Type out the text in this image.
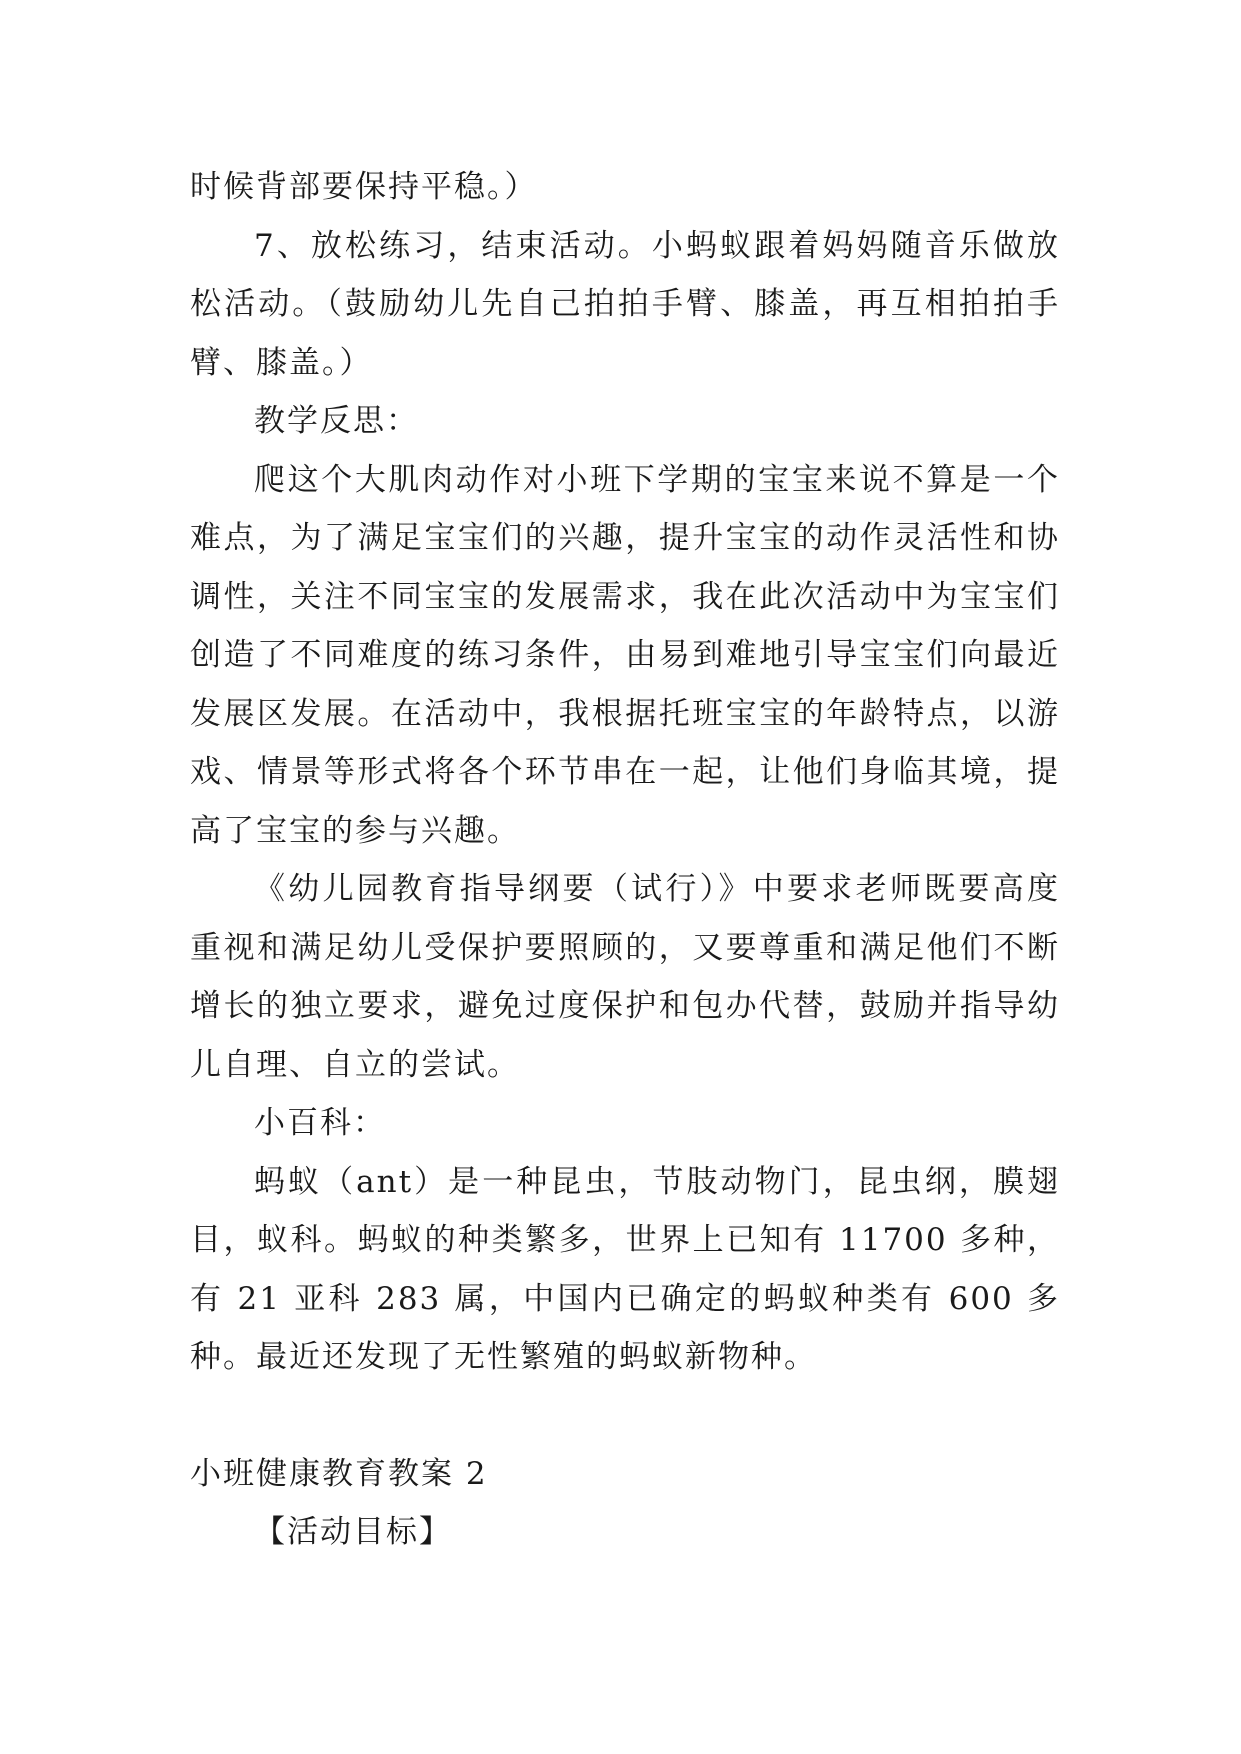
时候背部要保持平稳。）

7、放松练习，结束活动。小蚂蚁跟着妈妈随音乐做放松活动。（鼓励幼儿先自己拍拍手臂、膝盖，再互相拍拍手臂、膝盖。）

教学反思：

爬这个大肌肉动作对小班下学期的宝宝来说不算是一个难点，为了满足宝宝们的兴趣，提升宝宝的动作灵活性和协调性，关注不同宝宝的发展需求，我在此次活动中为宝宝们创造了不同难度的练习条件，由易到难地引导宝宝们向最近发展区发展。在活动中，我根据托班宝宝的年龄特点，以游戏、情景等形式将各个环节串在一起，让他们身临其境，提高了宝宝的参与兴趣。

《幼儿园教育指导纲要（试行）》中要求老师既要高度重视和满足幼儿受保护要照顾的，又要尊重和满足他们不断增长的独立要求，避免过度保护和包办代替，鼓励并指导幼儿自理、自立的尝试。

小百科：

蚂蚁（ant）是一种昆虫，节肢动物门，昆虫纲，膜翅目，蚁科。蚂蚁的种类繁多，世界上已知有 11700 多种，有 21 亚科 283 属，中国内已确定的蚂蚁种类有 600 多种。最近还发现了无性繁殖的蚂蚁新物种。

小班健康教育教案 2

【活动目标】
